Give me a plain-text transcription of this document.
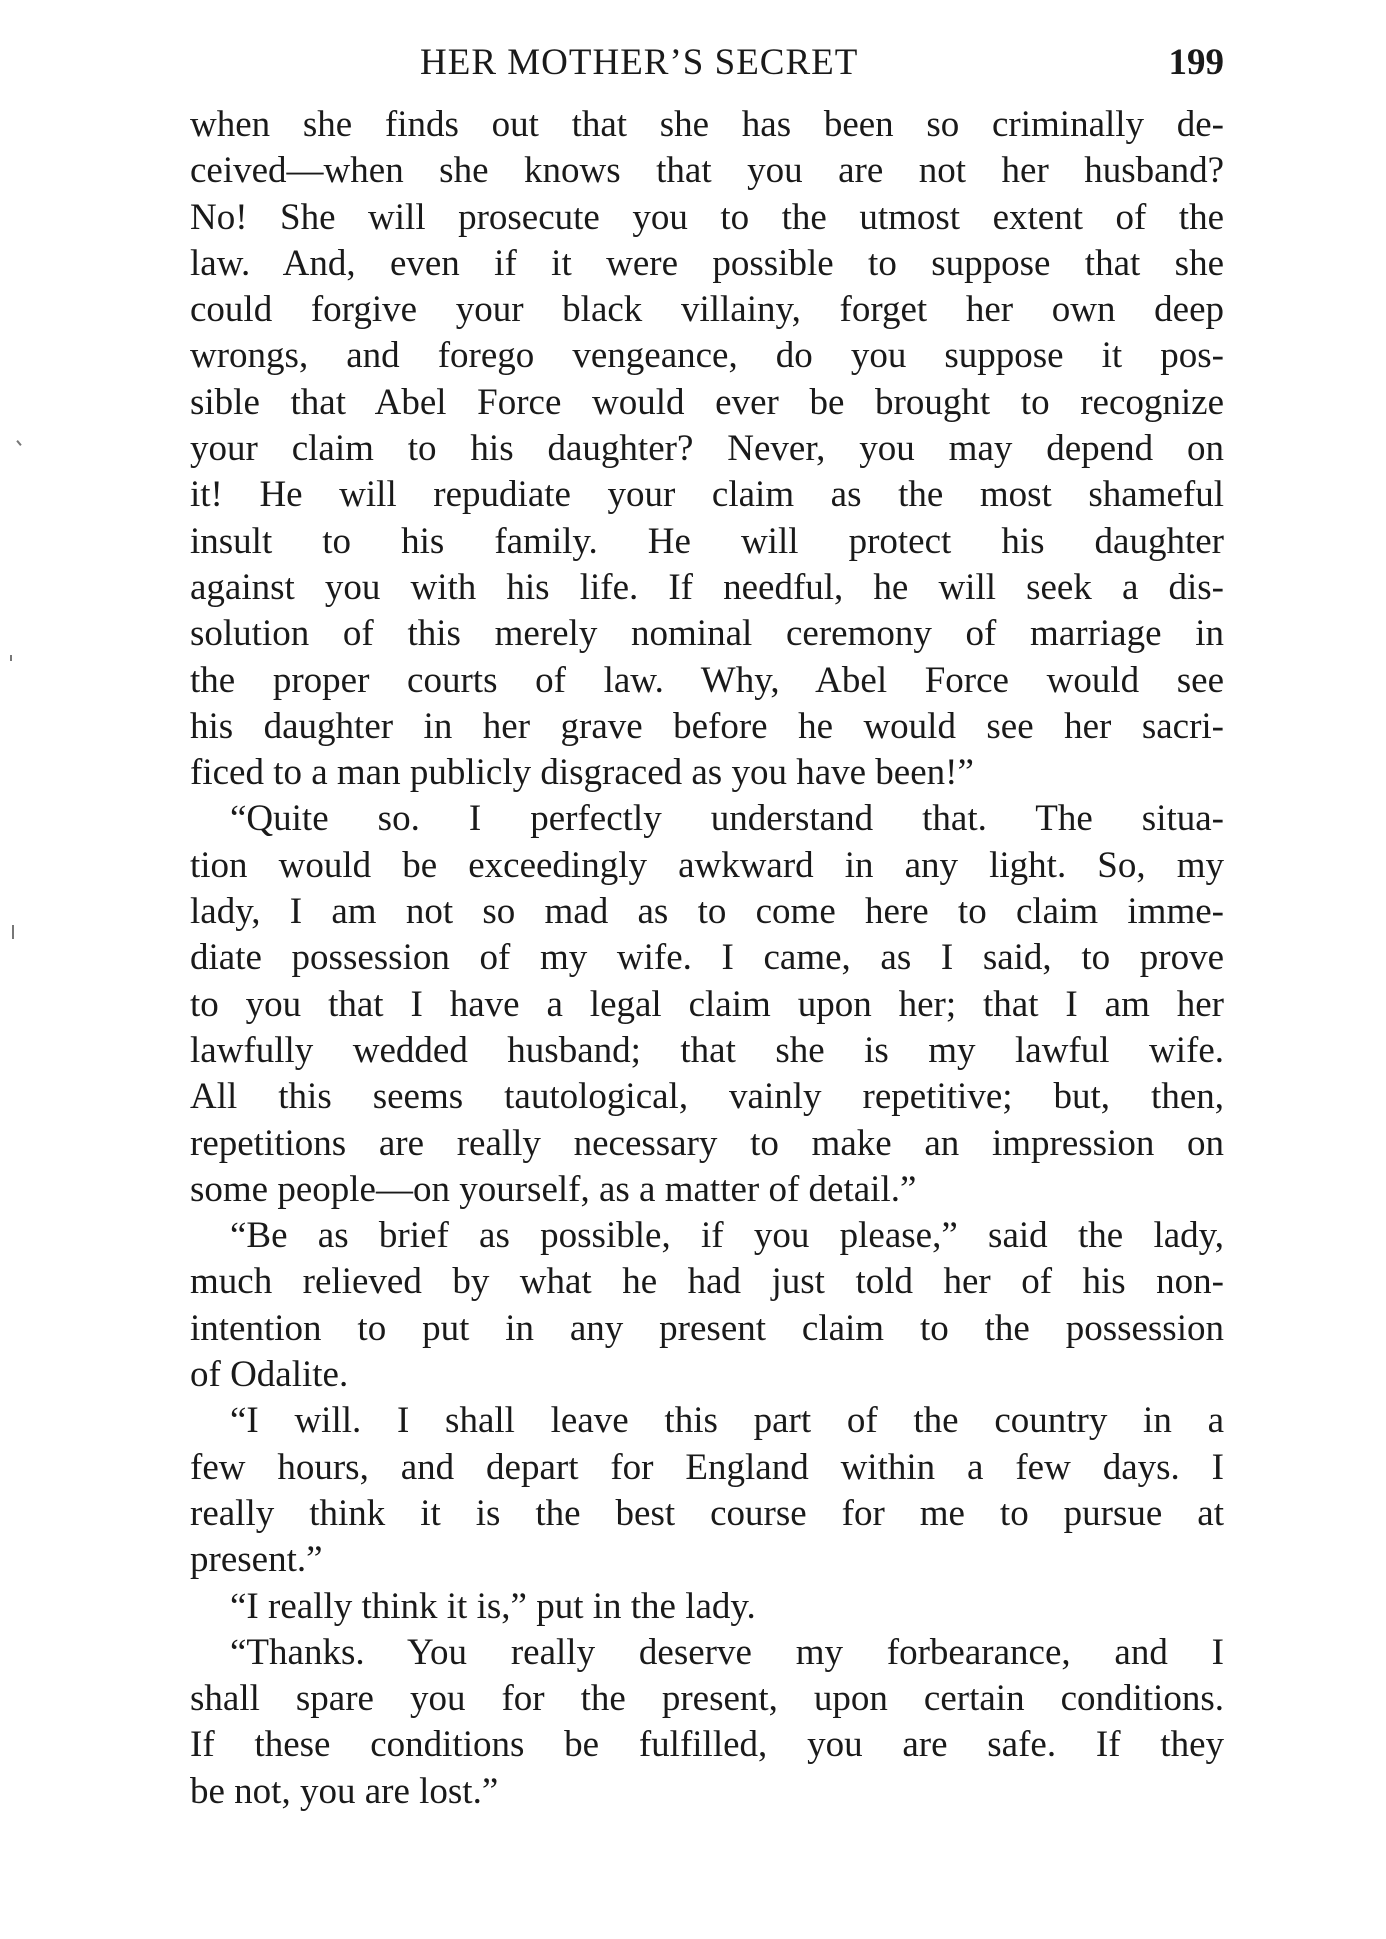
HER MOTHER’S SECRET	199
when she finds out that she has been so criminally de-
ceived—when she knows that you are not her husband?
No! She will prosecute you to the utmost extent of the
law. And, even if it were possible to suppose that she
could forgive your black villainy, forget her own deep
wrongs, and forego vengeance, do you suppose it pos-
sible that Abel Force would ever be brought to recognize
your claim to his daughter? Never, you may depend on
it! He will repudiate your claim as the most shameful
insult to his family. He will protect his daughter
against you with his life. If needful, he will seek a dis-
solution of this merely nominal ceremony of marriage in
the proper courts of law. Why, Abel Force would see
his daughter in her grave before he would see her sacri-
ficed to a man publicly disgraced as you have been!”
“Quite so. I perfectly understand that. The situa-
tion would be exceedingly awkward in any light. So, my
lady, I am not so mad as to come here to claim imme-
diate possession of my wife. I came, as I said, to prove
to you that I have a legal claim upon her; that I am her
lawfully wedded husband; that she is my lawful wife.
All this seems tautological, vainly repetitive; but, then,
repetitions are really necessary to make an impression on
some people—on yourself, as a matter of detail.”
“Be as brief as possible, if you please,” said the lady,
much relieved by what he had just told her of his non-
intention to put in any present claim to the possession
of Odalite.
“I will. I shall leave this part of the country in a
few hours, and depart for England within a few days. I
really think it is the best course for me to pursue at
present.”
“I really think it is,” put in the lady.
“Thanks. You really deserve my forbearance, and I
shall spare you for the present, upon certain conditions.
If these conditions be fulfilled, you are safe. If they
be not, you are lost.”
